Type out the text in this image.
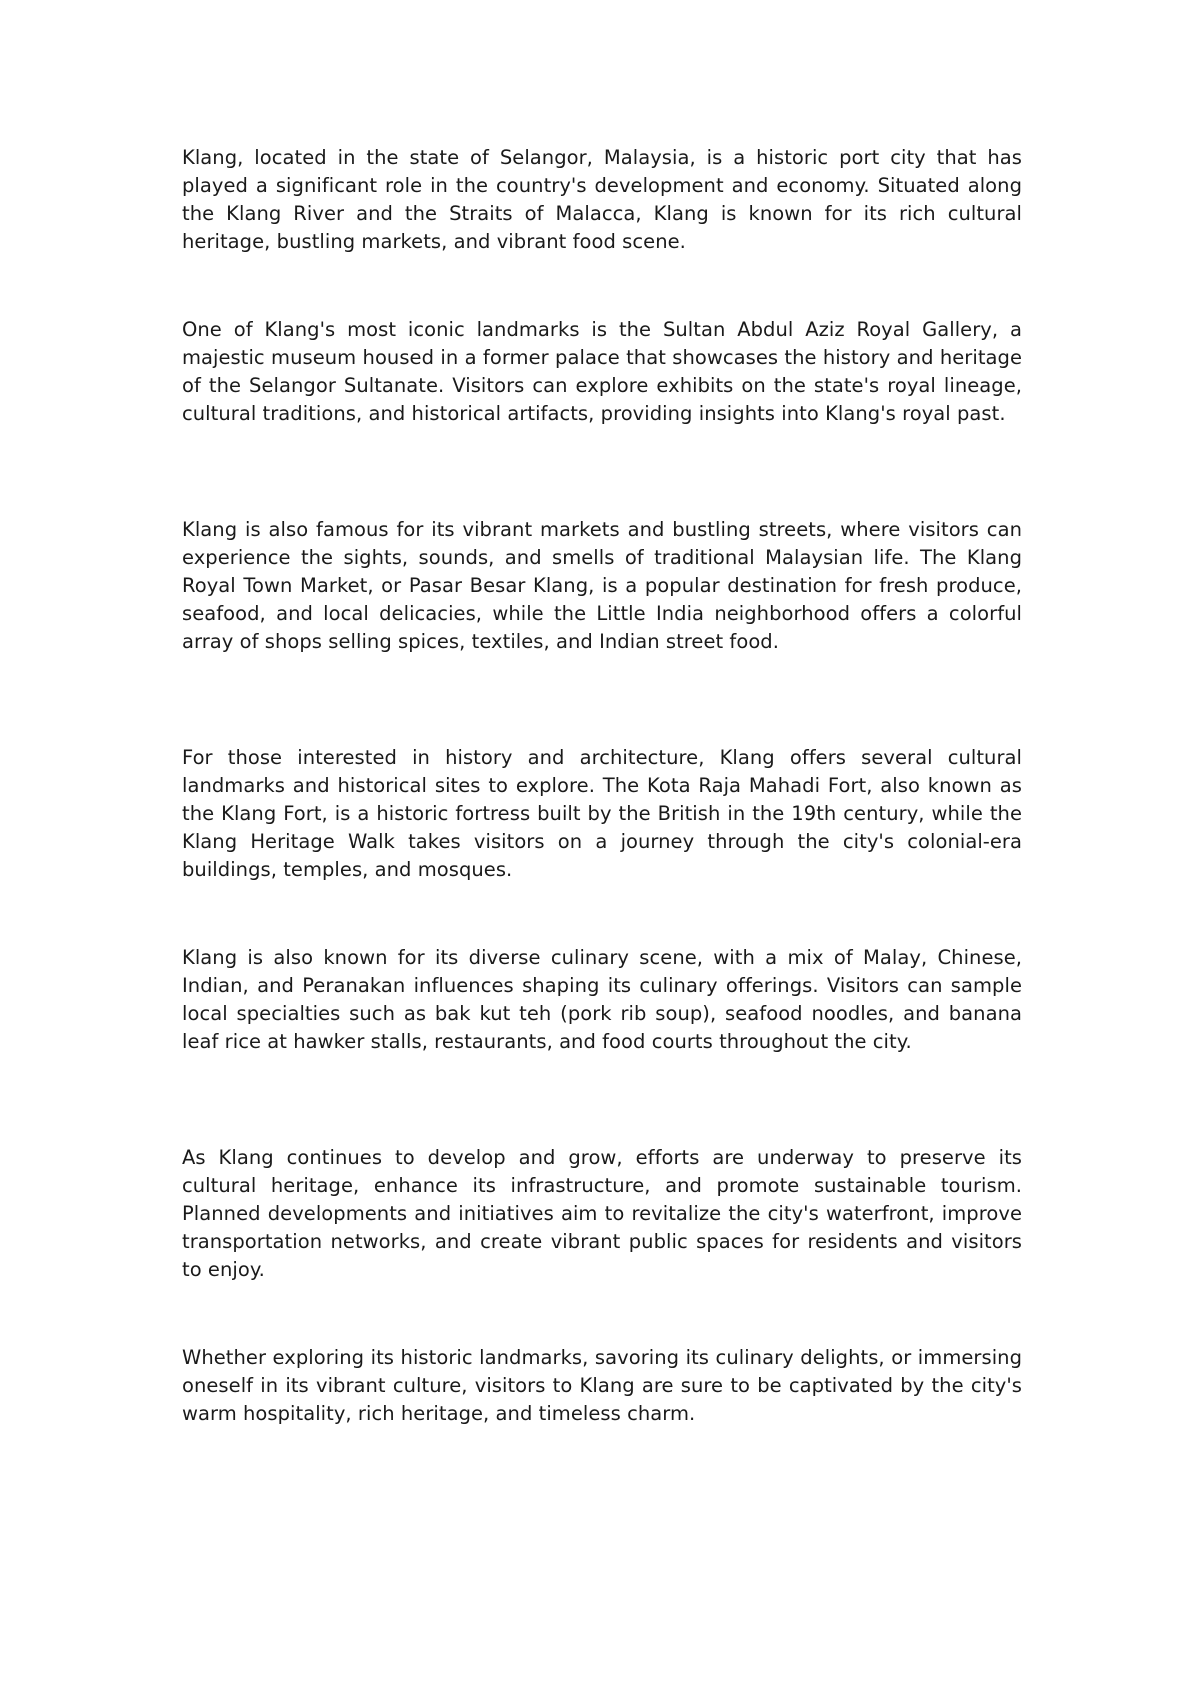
Klang, located in the state of Selangor, Malaysia, is a historic port city that has played a significant role in the country's development and economy. Situated along the Klang River and the Straits of Malacca, Klang is known for its rich cultural heritage, bustling markets, and vibrant food scene.

One of Klang's most iconic landmarks is the Sultan Abdul Aziz Royal Gallery, a majestic museum housed in a former palace that showcases the history and heritage of the Selangor Sultanate. Visitors can explore exhibits on the state's royal lineage, cultural traditions, and historical artifacts, providing insights into Klang's royal past.

Klang is also famous for its vibrant markets and bustling streets, where visitors can experience the sights, sounds, and smells of traditional Malaysian life. The Klang Royal Town Market, or Pasar Besar Klang, is a popular destination for fresh produce, seafood, and local delicacies, while the Little India neighborhood offers a colorful array of shops selling spices, textiles, and Indian street food.

For those interested in history and architecture, Klang offers several cultural landmarks and historical sites to explore. The Kota Raja Mahadi Fort, also known as the Klang Fort, is a historic fortress built by the British in the 19th century, while the Klang Heritage Walk takes visitors on a journey through the city's colonial-era buildings, temples, and mosques.

Klang is also known for its diverse culinary scene, with a mix of Malay, Chinese, Indian, and Peranakan influences shaping its culinary offerings. Visitors can sample local specialties such as bak kut teh (pork rib soup), seafood noodles, and banana leaf rice at hawker stalls, restaurants, and food courts throughout the city.

As Klang continues to develop and grow, efforts are underway to preserve its cultural heritage, enhance its infrastructure, and promote sustainable tourism. Planned developments and initiatives aim to revitalize the city's waterfront, improve transportation networks, and create vibrant public spaces for residents and visitors to enjoy.

Whether exploring its historic landmarks, savoring its culinary delights, or immersing oneself in its vibrant culture, visitors to Klang are sure to be captivated by the city's warm hospitality, rich heritage, and timeless charm.
